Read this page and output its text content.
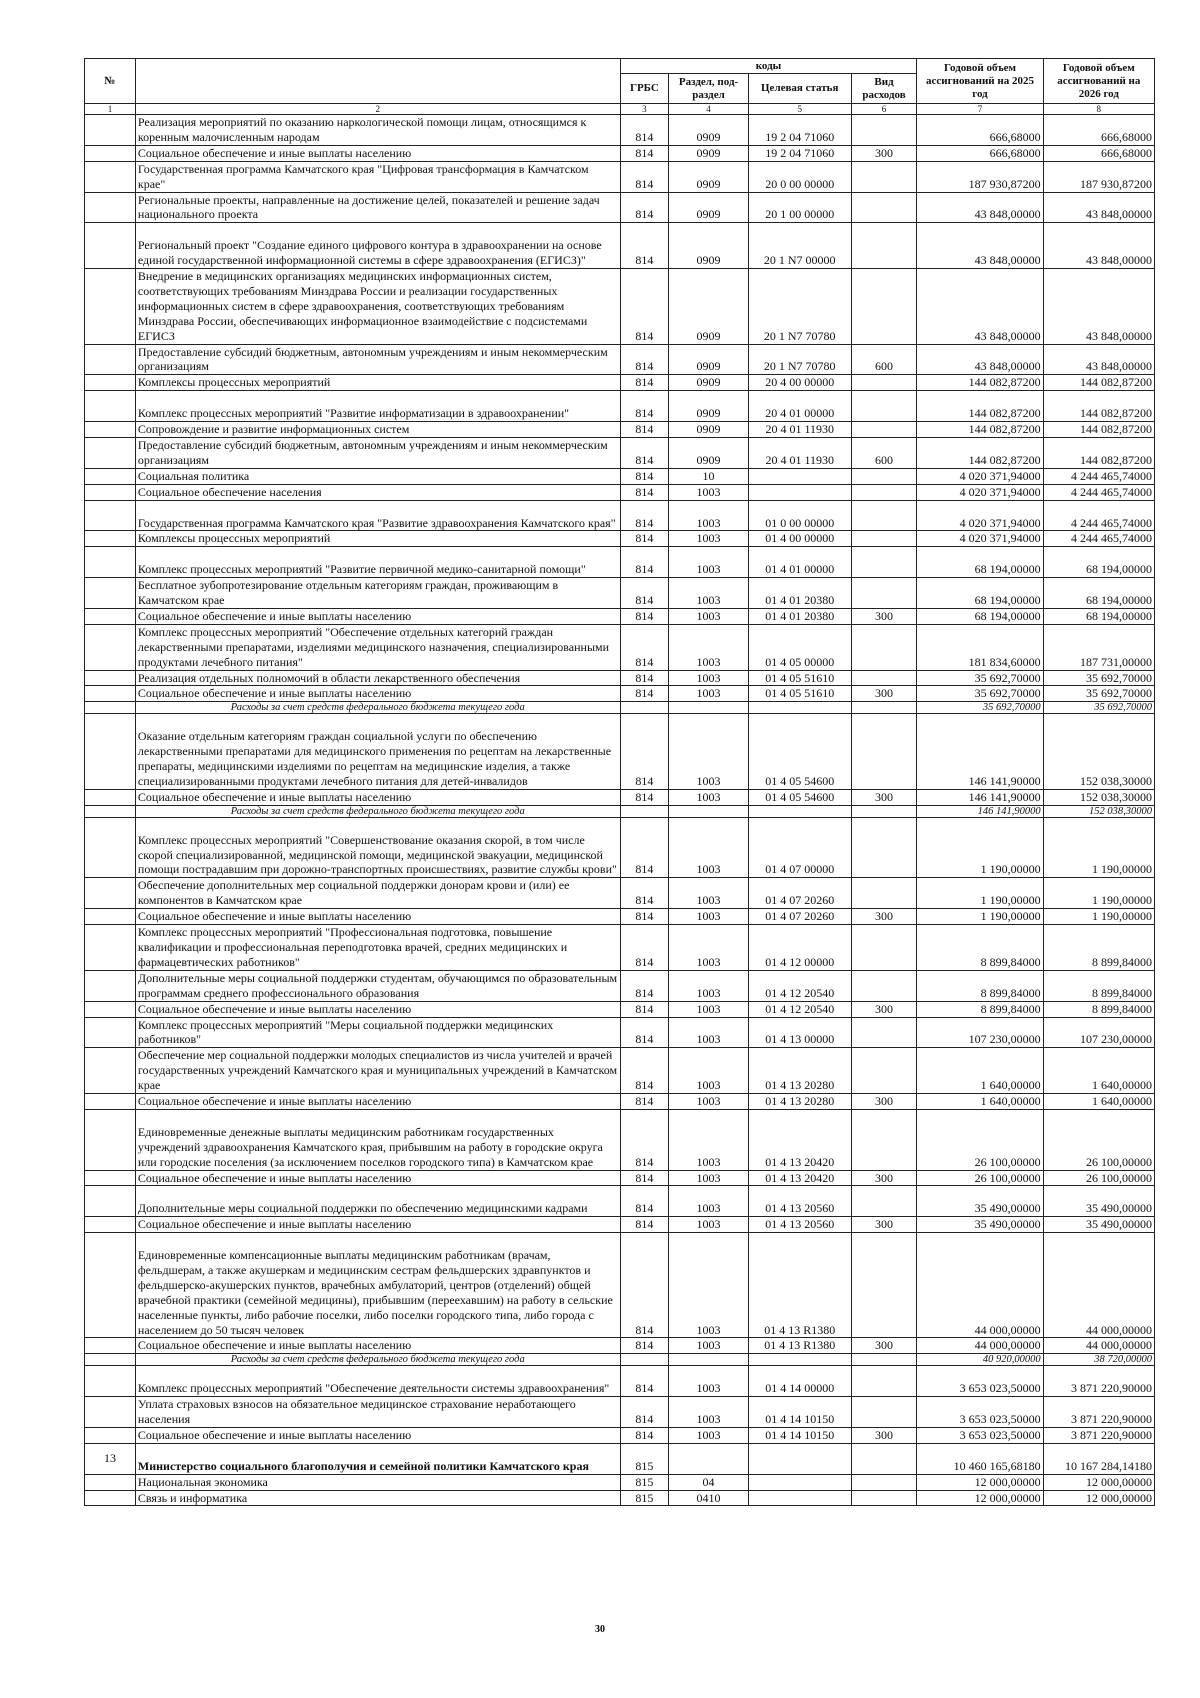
№		коды				Годовой объем ассигнований на 2025 год	Годовой объем ассигнований на 2026 год
		ГРБС	Раздел, под-раздел	Целевая статья	Вид расходов		
1	2	3	4	5	6	7	8
	Реализация мероприятий по оказанию наркологической помощи лицам, относящимся к коренным малочисленным народам	814	0909	19 2 04 71060		666,68000	666,68000
	Социальное обеспечение и иные выплаты населению	814	0909	19 2 04 71060	300	666,68000	666,68000
	Государственная программа Камчатского края "Цифровая трансформация в Камчатском крае"	814	0909	20 0 00 00000		187 930,87200	187 930,87200
	Региональные проекты, направленные на достижение целей, показателей и решение задач национального проекта	814	0909	20 1 00 00000		43 848,00000	43 848,00000
	Региональный проект "Создание единого цифрового контура в здравоохранении на основе единой государственной информационной системы в сфере здравоохранения (ЕГИСЗ)"	814	0909	20 1 N7 00000		43 848,00000	43 848,00000
	Внедрение в медицинских организациях медицинских информационных систем, соответствующих требованиям Минздрава России и реализации государственных информационных систем в сфере здравоохранения, соответствующих требованиям Минздрава России, обеспечивающих информационное взаимодействие с подсистемами ЕГИСЗ	814	0909	20 1 N7 70780		43 848,00000	43 848,00000
	Предоставление субсидий бюджетным, автономным учреждениям и иным некоммерческим организациям	814	0909	20 1 N7 70780	600	43 848,00000	43 848,00000
	Комплексы процессных мероприятий	814	0909	20 4 00 00000		144 082,87200	144 082,87200
	Комплекс процессных мероприятий "Развитие информатизации в здравоохранении"	814	0909	20 4 01 00000		144 082,87200	144 082,87200
	Сопровождение и развитие информационных систем	814	0909	20 4 01 11930		144 082,87200	144 082,87200
	Предоставление субсидий бюджетным, автономным учреждениям и иным некоммерческим организациям	814	0909	20 4 01 11930	600	144 082,87200	144 082,87200
	Социальная политика	814	10			4 020 371,94000	4 244 465,74000
	Социальное обеспечение населения	814	1003			4 020 371,94000	4 244 465,74000
	Государственная программа Камчатского края "Развитие здравоохранения Камчатского края"	814	1003	01 0 00 00000		4 020 371,94000	4 244 465,74000
	Комплексы процессных мероприятий	814	1003	01 4 00 00000		4 020 371,94000	4 244 465,74000
	Комплекс процессных мероприятий "Развитие первичной медико-санитарной помощи"	814	1003	01 4 01 00000		68 194,00000	68 194,00000
	Бесплатное зубопротезирование отдельным категориям граждан, проживающим в Камчатском крае	814	1003	01 4 01 20380		68 194,00000	68 194,00000
	Социальное обеспечение и иные выплаты населению	814	1003	01 4 01 20380	300	68 194,00000	68 194,00000
	Комплекс процессных мероприятий "Обеспечение отдельных категорий граждан лекарственными препаратами, изделиями медицинского назначения, специализированными продуктами лечебного питания"	814	1003	01 4 05 00000		181 834,60000	187 731,00000
	Реализация отдельных полномочий в области лекарственного обеспечения	814	1003	01 4 05 51610		35 692,70000	35 692,70000
	Социальное обеспечение и иные выплаты населению	814	1003	01 4 05 51610	300	35 692,70000	35 692,70000
	Расходы за счет средств федерального бюджета текущего года					35 692,70000	35 692,70000
	Оказание отдельным категориям граждан социальной услуги по обеспечению лекарственными препаратами для медицинского применения по рецептам на лекарственные препараты, медицинскими изделиями по рецептам на медицинские изделия, а также специализированными продуктами лечебного питания для детей-инвалидов	814	1003	01 4 05 54600		146 141,90000	152 038,30000
	Социальное обеспечение и иные выплаты населению	814	1003	01 4 05 54600	300	146 141,90000	152 038,30000
	Расходы за счет средств федерального бюджета текущего года					146 141,90000	152 038,30000
	Комплекс процессных мероприятий "Совершенствование оказания скорой, в том числе скорой специализированной, медицинской помощи, медицинской эвакуации, медицинской помощи пострадавшим при дорожно-транспортных происшествиях, развитие службы крови"	814	1003	01 4 07 00000		1 190,00000	1 190,00000
	Обеспечение дополнительных мер социальной поддержки донорам крови и (или) ее компонентов в Камчатском крае	814	1003	01 4 07 20260		1 190,00000	1 190,00000
	Социальное обеспечение и иные выплаты населению	814	1003	01 4 07 20260	300	1 190,00000	1 190,00000
	Комплекс процессных мероприятий "Профессиональная подготовка, повышение квалификации и профессиональная переподготовка врачей, средних медицинских и фармацевтических работников"	814	1003	01 4 12 00000		8 899,84000	8 899,84000
	Дополнительные меры социальной поддержки студентам, обучающимся по образовательным программам среднего профессионального образования	814	1003	01 4 12 20540		8 899,84000	8 899,84000
	Социальное обеспечение и иные выплаты населению	814	1003	01 4 12 20540	300	8 899,84000	8 899,84000
	Комплекс процессных мероприятий "Меры социальной поддержки медицинских работников"	814	1003	01 4 13 00000		107 230,00000	107 230,00000
	Обеспечение мер социальной поддержки молодых специалистов из числа учителей и врачей государственных учреждений Камчатского края и муниципальных учреждений в Камчатском крае	814	1003	01 4 13 20280		1 640,00000	1 640,00000
	Социальное обеспечение и иные выплаты населению	814	1003	01 4 13 20280	300	1 640,00000	1 640,00000
	Единовременные денежные выплаты медицинским работникам государственных учреждений здравоохранения Камчатского края, прибывшим на работу в городские округа или городские поселения (за исключением поселков городского типа) в Камчатском крае	814	1003	01 4 13 20420		26 100,00000	26 100,00000
	Социальное обеспечение и иные выплаты населению	814	1003	01 4 13 20420	300	26 100,00000	26 100,00000
	Дополнительные меры социальной поддержки по обеспечению медицинскими кадрами	814	1003	01 4 13 20560		35 490,00000	35 490,00000
	Социальное обеспечение и иные выплаты населению	814	1003	01 4 13 20560	300	35 490,00000	35 490,00000
	Единовременные компенсационные выплаты медицинским работникам (врачам, фельдшерам, а также акушеркам и медицинским сестрам фельдшерских здравпунктов и фельдшерско-акушерских пунктов, врачебных амбулаторий, центров (отделений) общей врачебной практики (семейной медицины), прибывшим (переехавшим) на работу в сельские населенные пункты, либо рабочие поселки, либо поселки городского типа, либо города с населением до 50 тысяч человек	814	1003	01 4 13 R1380		44 000,00000	44 000,00000
	Социальное обеспечение и иные выплаты населению	814	1003	01 4 13 R1380	300	44 000,00000	44 000,00000
	Расходы за счет средств федерального бюджета текущего года					40 920,00000	38 720,00000
	Комплекс процессных мероприятий "Обеспечение деятельности системы здравоохранения"	814	1003	01 4 14 00000		3 653 023,50000	3 871 220,90000
	Уплата страховых взносов на обязательное медицинское страхование неработающего населения	814	1003	01 4 14 10150		3 653 023,50000	3 871 220,90000
	Социальное обеспечение и иные выплаты населению	814	1003	01 4 14 10150	300	3 653 023,50000	3 871 220,90000
13	Министерство социального благополучия и семейной политики Камчатского края	815				10 460 165,68180	10 167 284,14180
	Национальная экономика	815	04			12 000,00000	12 000,00000
	Связь и информатика	815	0410			12 000,00000	12 000,00000
30
